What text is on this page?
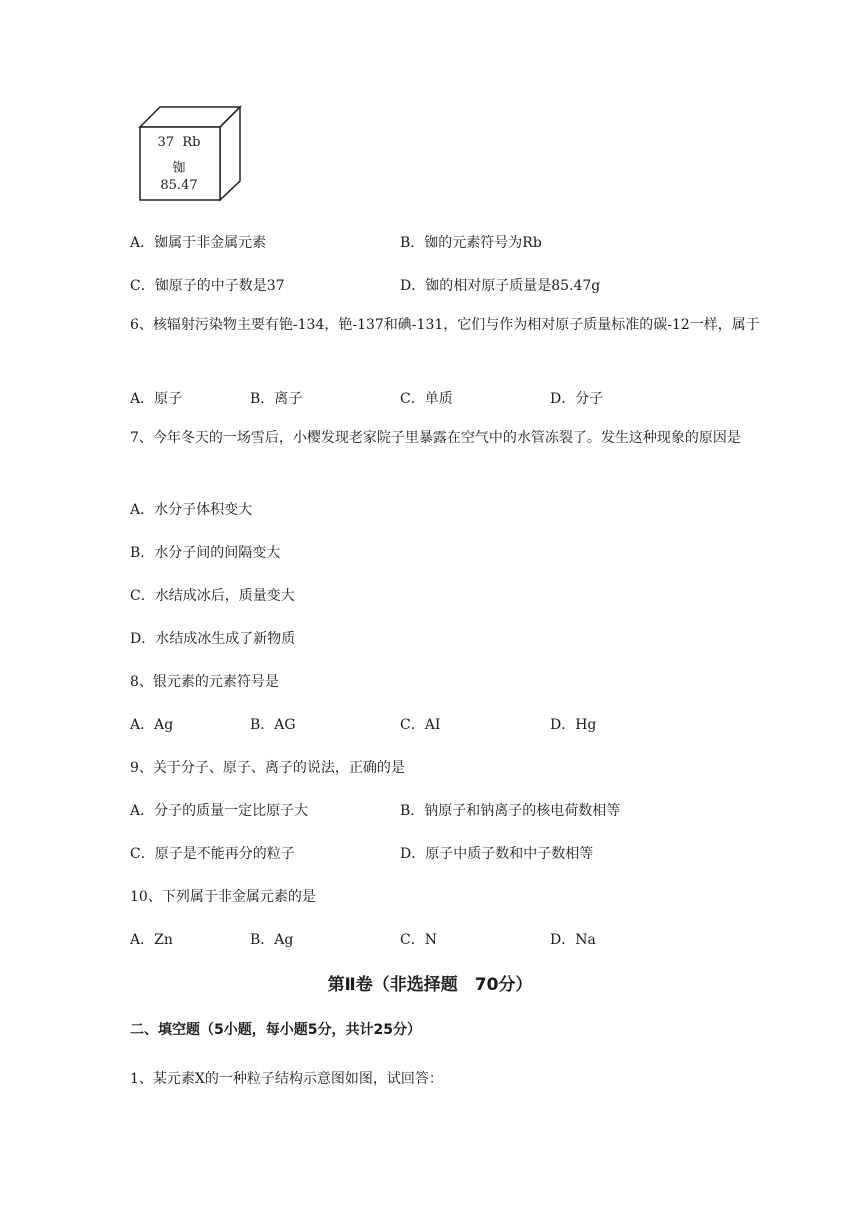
37 Rb
铷
85.47
A．铷属于非金属元素	B．铷的元素符号为Rb
C．铷原子的中子数是37	D．铷的相对原子质量是85.47g
6、核辐射污染物主要有铯-134，铯-137和碘-131，它们与作为相对原子质量标准的碳-12一样，属于
A．原子	B．离子	C．单质	D．分子
7、今年冬天的一场雪后，小樱发现老家院子里暴露在空气中的水管冻裂了。发生这种现象的原因是
A．水分子体积变大
B．水分子间的间隔变大
C．水结成冰后，质量变大
D．水结成冰生成了新物质
8、银元素的元素符号是
A．Ag	B．AG	C．AI	D．Hg
9、关于分子、原子、离子的说法，正确的是
A．分子的质量一定比原子大	B．钠原子和钠离子的核电荷数相等
C．原子是不能再分的粒子	D．原子中质子数和中子数相等
10、下列属于非金属元素的是
A．Zn	B．Ag	C．N	D．Na
第Ⅱ卷（非选择题　70分）
二、填空题（5小题，每小题5分，共计25分）
1、某元素X的一种粒子结构示意图如图，试回答：
